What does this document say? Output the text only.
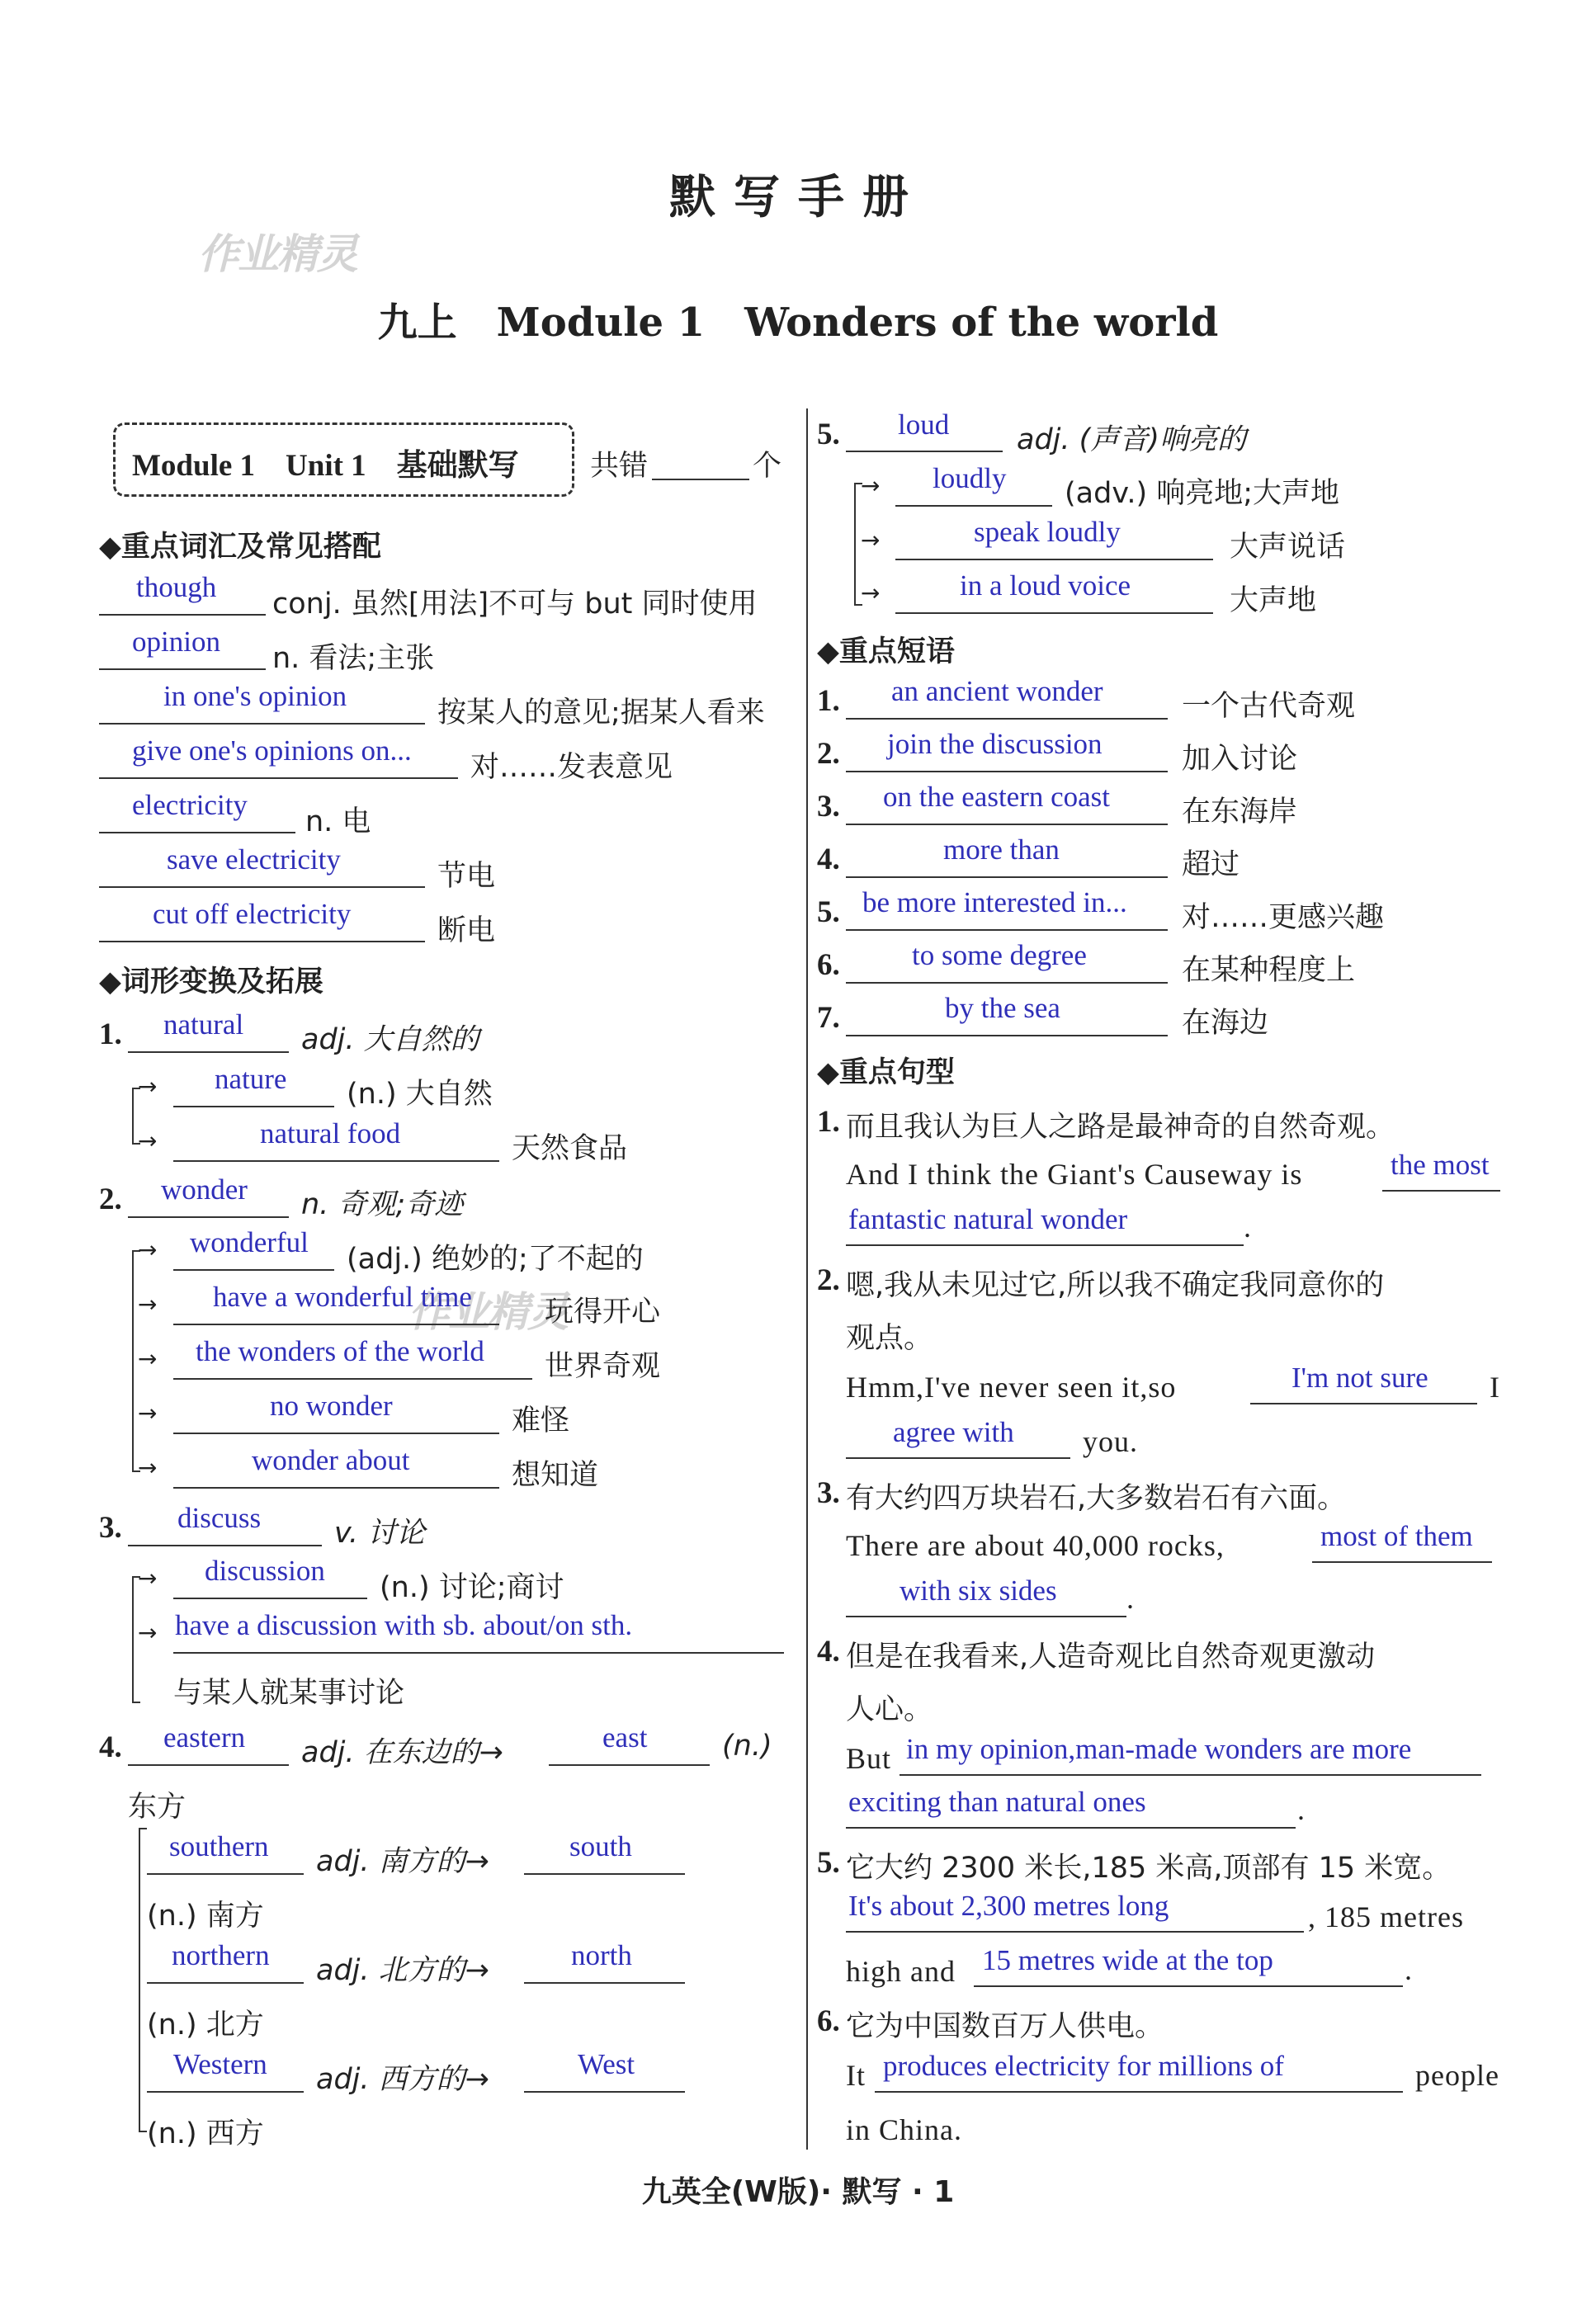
默写手册
作业精灵
作业精灵
九上　Module 1　Wonders of the world
Module 1　Unit 1　基础默写 共错	个
◆重点词汇及常见搭配
though
conj. 虽然[用法]不可与 but 同时使用
opinion
n. 看法;主张
in one's opinion
按某人的意见;据某人看来
give one's opinions on...
对……发表意见
electricity
n. 电
save electricity
节电
cut off electricity
断电
◆词形变换及拓展
1. natural adj. 大自然的
→ nature (n.) 大自然
→	natural food	天然食品
2. wonder n. 奇观;奇迹
→ wonderful
(adj.) 绝妙的;了不起的
→ have a wonderful time	玩得开心
→ the wonders of the world 世界奇观
→	no wonder	难怪
→	wonder about	想知道
3. discuss	v. 讨论
→ discussion
(n.) 讨论;商讨
→ have a discussion with sb. about/on sth.
与某人就某事讨论
4. eastern adj. 在东边的→	east	(n.)
东方
southern adj. 南方的→	south
(n.) 南方
northern adj. 北方的→	north
(n.) 北方
Western adj. 西方的→	West
(n.) 西方
5. loud adj. (声音)响亮的
→ loudly (adv.) 响亮地;大声地
→	speak loudly	大声说话
→	in a loud voice	大声地
◆重点短语
1. an ancient wonder	一个古代奇观
2. join the discussion	加入讨论
3. on the eastern coast 在东海岸
4.	more than	超过
5. be more interested in... 对……更感兴趣
6. to some degree	在某种程度上
7.	by the sea	在海边
◆重点句型
1. 而且我认为巨人之路是最神奇的自然奇观。
And I think the Giant's Causeway is	the most
fantastic natural wonder	.
2. 嗯,我从未见过它,所以我不确定我同意你的
观点。
Hmm,I've never seen it,so	I'm not sure I
agree with you.
3. 有大约四万块岩石,大多数岩石有六面。
There are about 40,000 rocks,	most of them
with six sides .
4. 但是在我看来,人造奇观比自然奇观更激动
人心。
But in my opinion,man-made wonders are more
exciting than natural ones	.
5. 它大约 2300 米长,185 米高,顶部有 15 米宽。
It's about 2,300 metres long	, 185 metres
high and 15 metres wide at the top	.
6. 它为中国数百万人供电。
It produces electricity for millions of	people
in China.
九英全(W版)· 默写 · 1
